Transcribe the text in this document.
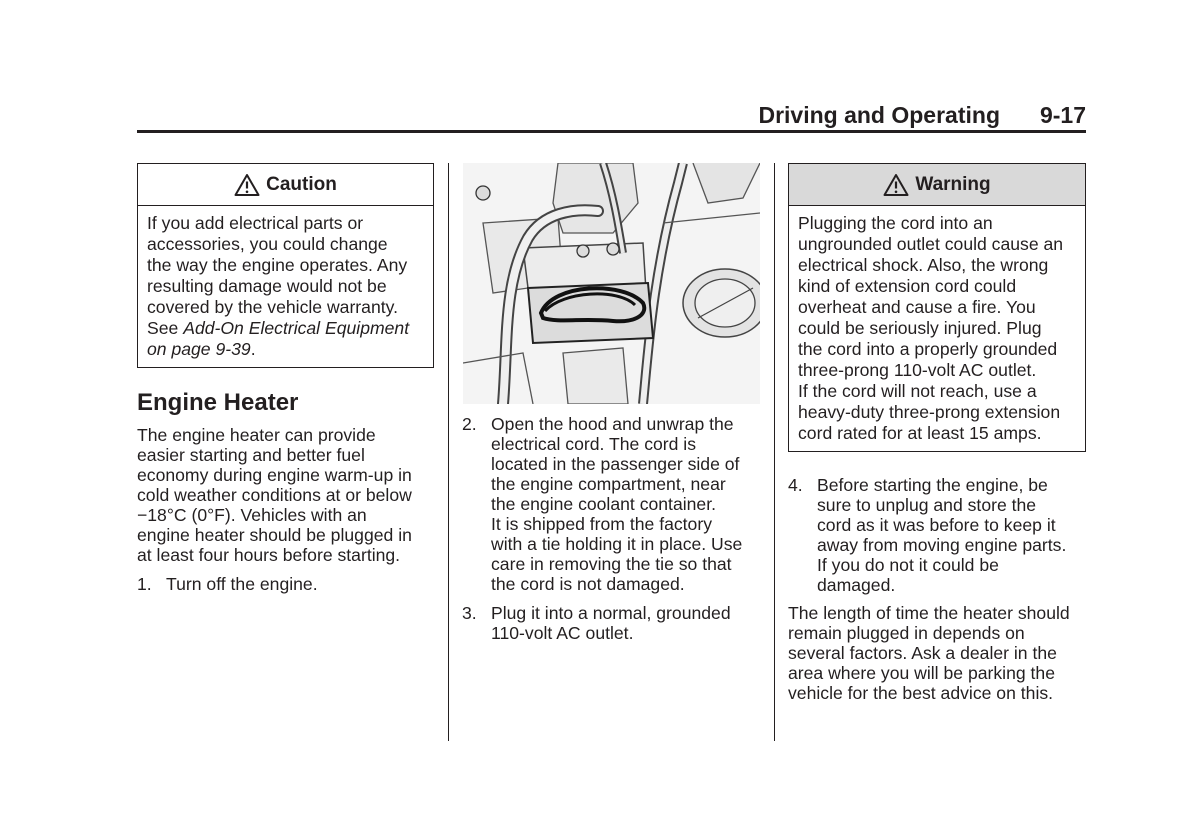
Driving and Operating 9-17
Caution
If you add electrical parts or
accessories, you could change
the way the engine operates. Any
resulting damage would not be
covered by the vehicle warranty.
See Add-On Electrical Equipment
on page 9-39.
Engine Heater
The engine heater can provide
easier starting and better fuel
economy during engine warm-up in
cold weather conditions at or below
−18°C (0°F). Vehicles with an
engine heater should be plugged in
at least four hours before starting.
1. Turn off the engine.
2. Open the hood and unwrap the
electrical cord. The cord is
located in the passenger side of
the engine compartment, near
the engine coolant container.
It is shipped from the factory
with a tie holding it in place. Use
care in removing the tie so that
the cord is not damaged.
3. Plug it into a normal, grounded
110-volt AC outlet.
Warning
Plugging the cord into an
ungrounded outlet could cause an
electrical shock. Also, the wrong
kind of extension cord could
overheat and cause a fire. You
could be seriously injured. Plug
the cord into a properly grounded
three-prong 110-volt AC outlet.
If the cord will not reach, use a
heavy-duty three-prong extension
cord rated for at least 15 amps.
4. Before starting the engine, be
sure to unplug and store the
cord as it was before to keep it
away from moving engine parts.
If you do not it could be
damaged.
The length of time the heater should
remain plugged in depends on
several factors. Ask a dealer in the
area where you will be parking the
vehicle for the best advice on this.
